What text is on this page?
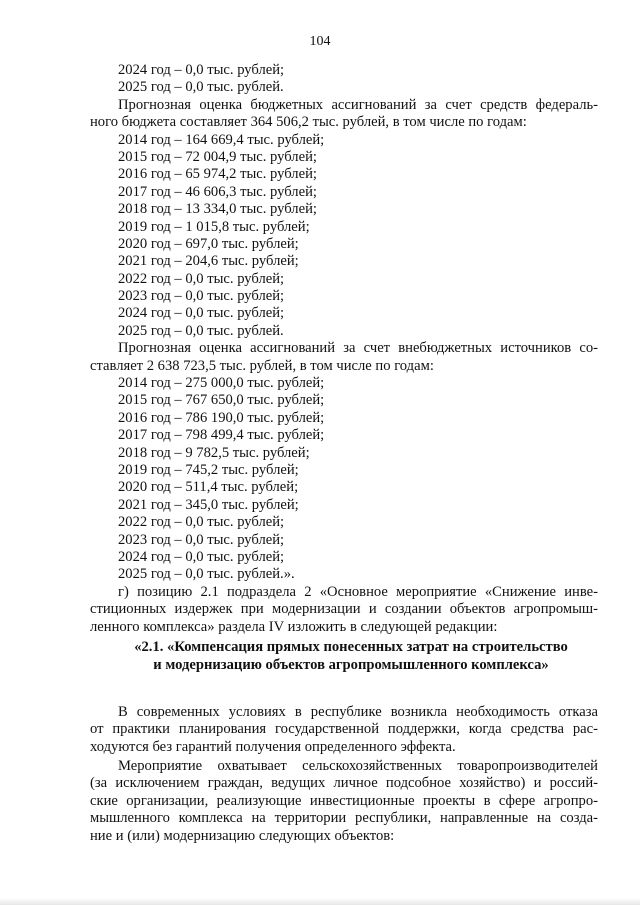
104
2024 год – 0,0 тыс. рублей;
2025 год – 0,0 тыс. рублей.
Прогнозная оценка бюджетных ассигнований за счет средств федераль-
ного бюджета составляет 364 506,2 тыс. рублей, в том числе по годам:
2014 год – 164 669,4 тыс. рублей;
2015 год – 72 004,9 тыс. рублей;
2016 год – 65 974,2 тыс. рублей;
2017 год – 46 606,3 тыс. рублей;
2018 год – 13 334,0 тыс. рублей;
2019 год – 1 015,8 тыс. рублей;
2020 год – 697,0 тыс. рублей;
2021 год – 204,6 тыс. рублей;
2022 год – 0,0 тыс. рублей;
2023 год – 0,0 тыс. рублей;
2024 год – 0,0 тыс. рублей;
2025 год – 0,0 тыс. рублей.
Прогнозная оценка ассигнований за счет внебюджетных источников со-
ставляет 2 638 723,5 тыс. рублей, в том числе по годам:
2014 год – 275 000,0 тыс. рублей;
2015 год – 767 650,0 тыс. рублей;
2016 год – 786 190,0 тыс. рублей;
2017 год – 798 499,4 тыс. рублей;
2018 год – 9 782,5 тыс. рублей;
2019 год – 745,2 тыс. рублей;
2020 год – 511,4 тыс. рублей;
2021 год – 345,0 тыс. рублей;
2022 год – 0,0 тыс. рублей;
2023 год – 0,0 тыс. рублей;
2024 год – 0,0 тыс. рублей;
2025 год – 0,0 тыс. рублей.».
г) позицию 2.1 подраздела 2 «Основное мероприятие «Снижение инве-
стиционных издержек при модернизации и создании объектов агропромыш-
ленного комплекса» раздела IV изложить в следующей редакции:
«2.1. «Компенсация прямых понесенных затрат на строительство
и модернизацию объектов агропромышленного комплекса»
В современных условиях в республике возникла необходимость отказа
от практики планирования государственной поддержки, когда средства рас-
ходуются без гарантий получения определенного эффекта.
Мероприятие охватывает сельскохозяйственных товаропроизводителей
(за исключением граждан, ведущих личное подсобное хозяйство) и россий-
ские организации, реализующие инвестиционные проекты в сфере агропро-
мышленного комплекса на территории республики, направленные на созда-
ние и (или) модернизацию следующих объектов:
